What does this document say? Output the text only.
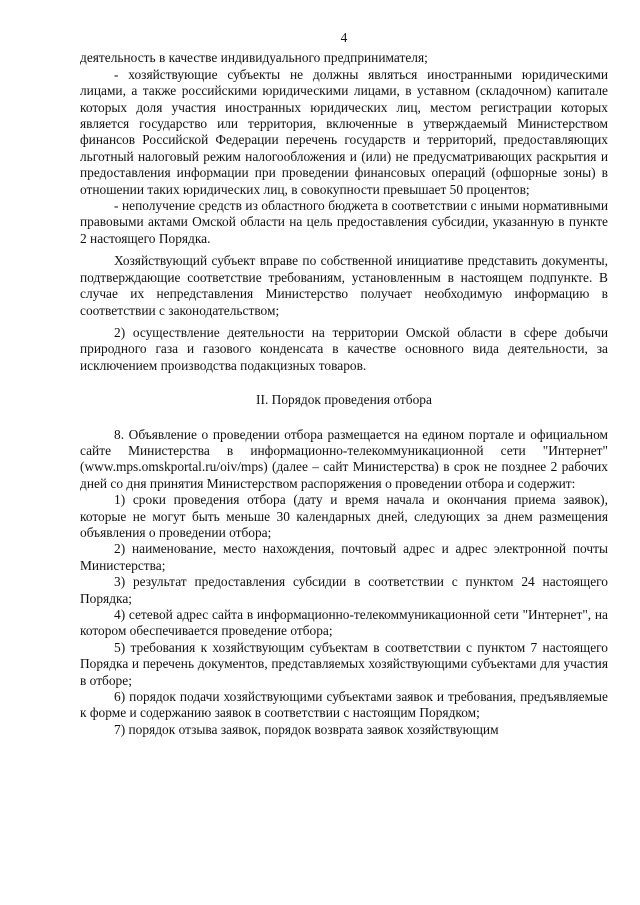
4

деятельность в качестве индивидуального предпринимателя;

- хозяйствующие субъекты не должны являться иностранными юридическими лицами, а также российскими юридическими лицами, в уставном (складочном) капитале которых доля участия иностранных юридических лиц, местом регистрации которых является государство или территория, включенные в утверждаемый Министерством финансов Российской Федерации перечень государств и территорий, предоставляющих льготный налоговый режим налогообложения и (или) не предусматривающих раскрытия и предоставления информации при проведении финансовых операций (офшорные зоны) в отношении таких юридических лиц, в совокупности превышает 50 процентов;

- неполучение средств из областного бюджета в соответствии с иными нормативными правовыми актами Омской области на цель предоставления субсидии, указанную в пункте 2 настоящего Порядка.

Хозяйствующий субъект вправе по собственной инициативе представить документы, подтверждающие соответствие требованиям, установленным в настоящем подпункте. В случае их непредставления Министерство получает необходимую информацию в соответствии с законодательством;

2) осуществление деятельности на территории Омской области в сфере добычи природного газа и газового конденсата в качестве основного вида деятельности, за исключением производства подакцизных товаров.

II. Порядок проведения отбора

8. Объявление о проведении отбора размещается на едином портале и официальном сайте Министерства в информационно-телекоммуникационной сети "Интернет" (www.mps.omskportal.ru/oiv/mps) (далее – сайт Министерства) в срок не позднее 2 рабочих дней со дня принятия Министерством распоряжения о проведении отбора и содержит:

1) сроки проведения отбора (дату и время начала и окончания приема заявок), которые не могут быть меньше 30 календарных дней, следующих за днем размещения объявления о проведении отбора;

2) наименование, место нахождения, почтовый адрес и адрес электронной почты Министерства;

3) результат предоставления субсидии в соответствии с пунктом 24 настоящего Порядка;

4) сетевой адрес сайта в информационно-телекоммуникационной сети "Интернет", на котором обеспечивается проведение отбора;

5) требования к хозяйствующим субъектам в соответствии с пунктом 7 настоящего Порядка и перечень документов, представляемых хозяйствующими субъектами для участия в отборе;

6) порядок подачи хозяйствующими субъектами заявок и требования, предъявляемые к форме и содержанию заявок в соответствии с настоящим Порядком;

7) порядок отзыва заявок, порядок возврата заявок хозяйствующим
